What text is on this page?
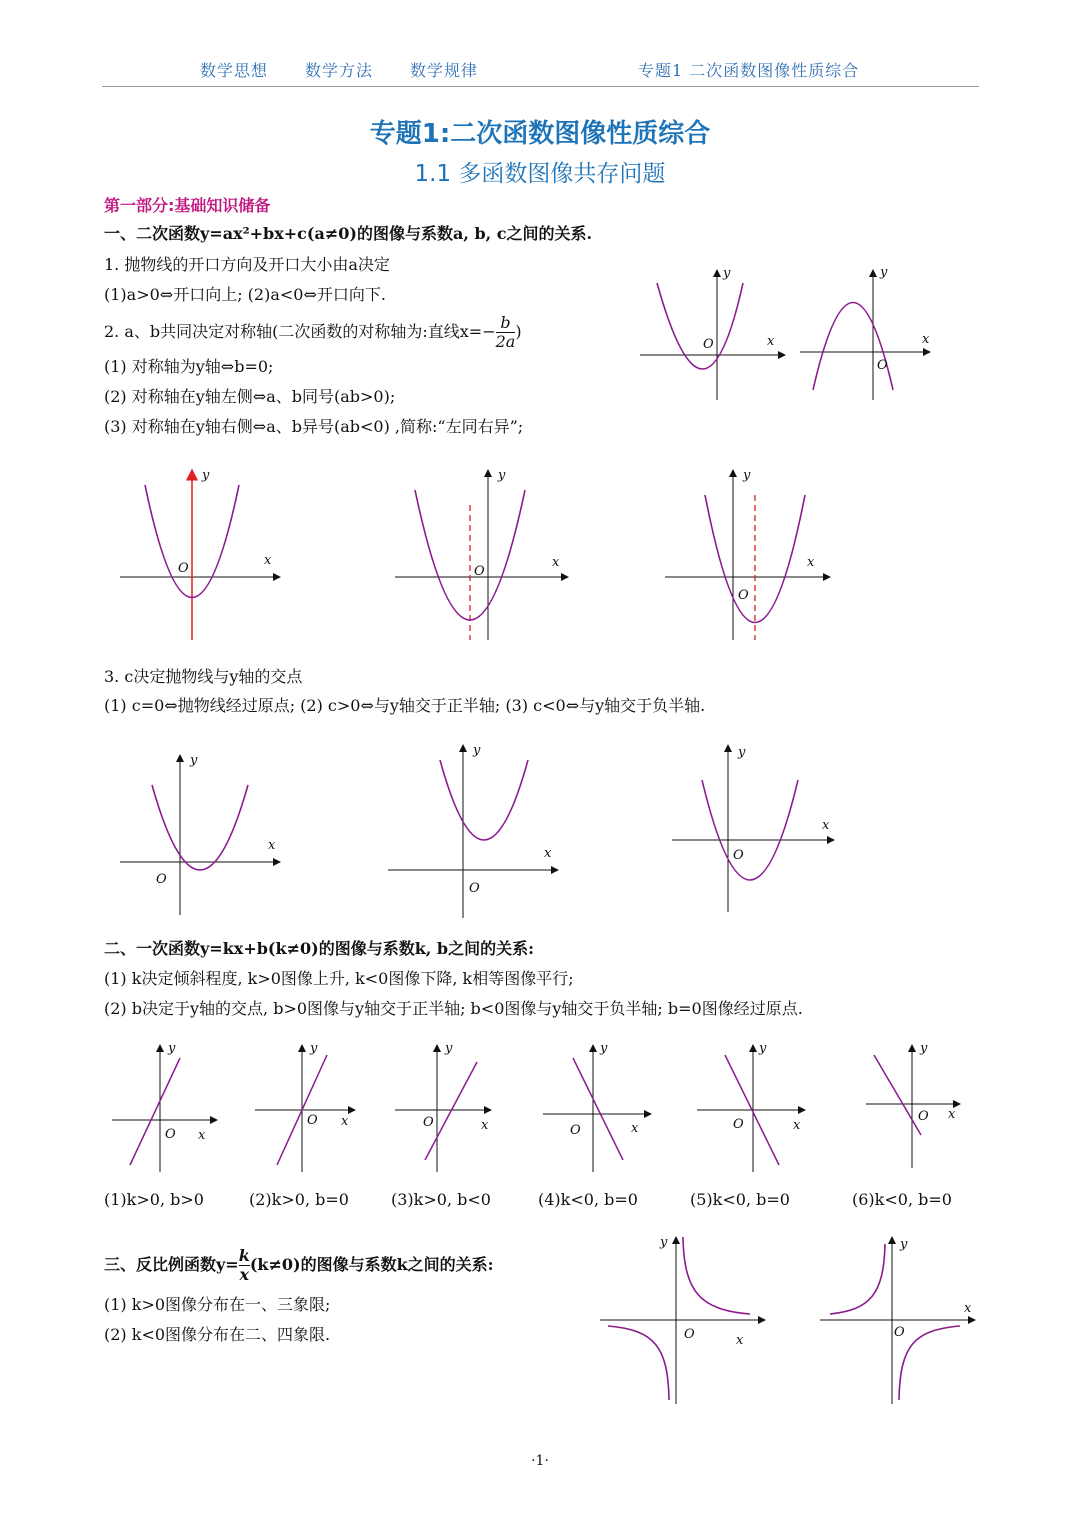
数学思想 数学方法 数学规律	专题1 二次函数图像性质综合
专题1:二次函数图像性质综合
1.1 多函数图像共存问题
第一部分:基础知识储备
一、二次函数y=ax²+bx+c(a≠0)的图像与系数a, b, c之间的关系.
1. 抛物线的开口方向及开口大小由a决定
(1)a>0⇔开口向上; (2)a<0⇔开口向下.
2. a、b共同决定对称轴(二次函数的对称轴为:直线$x=- \frac{b}{2a}$ )
(1) 对称轴为y轴⇔b=0;
(2) 对称轴在y轴左侧⇔a、b同号(ab>0);
(3) 对称轴在y轴右侧⇔a、b异号(ab<0) ,简称:“左同右异”;
O	x
y
O
x
y
O
x
y
O
x
y
O
x
y
3. c决定抛物线与y轴的交点
(1) c=0⇔抛物线经过原点; (2) c>0⇔与y轴交于正半轴; (3) c<0⇔与y轴交于负半轴.
O
x
y
O
x
y
O
x
y
二、一次函数y=kx+b(k≠0)的图像与系数k, b之间的关系:
(1) k决定倾斜程度, k>0图像上升, k<0图像下降, k相等图像平行;
(2) b决定于y轴的交点, b>0图像与y轴交于正半轴; b<0图像与y轴交于负半轴; b=0图像经过原点.
O x
y
O x
y
O	x
y
O	x
y
O	x
y
O x
y
(1)k>0, b>0	(2)k>0, b=0	(3)k>0, b<0	(4)k<0, b=0	(5)k<0, b=0	(6)k<0, b=0
三、反比例函数$y= \frac{k}{x} (k\ne 0)$的图像与系数k之间的关系:
(1) k>0图像分布在一、三象限;
(2) k<0图像分布在二、四象限.	O	x
y
O
x
y
·1·
